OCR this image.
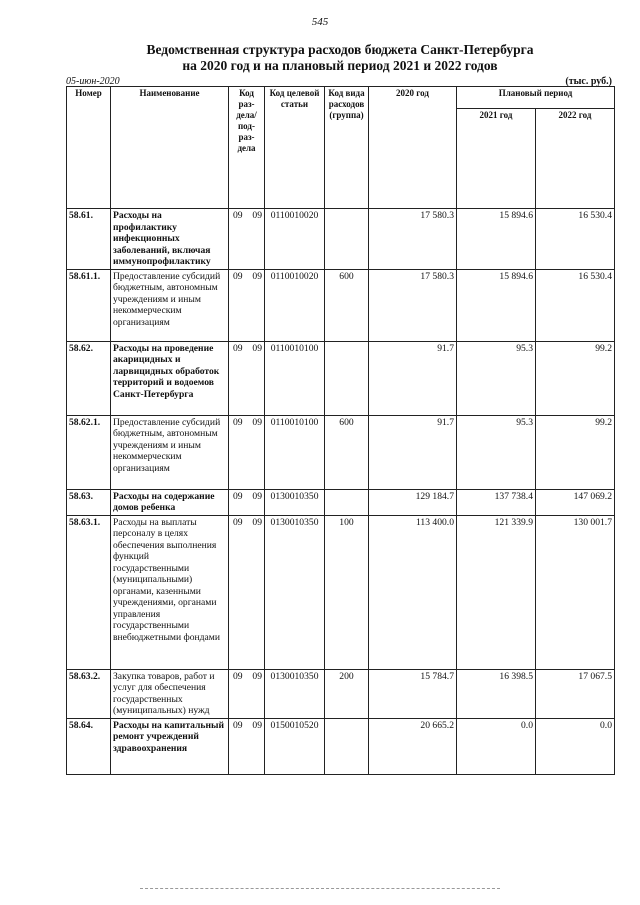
545
Ведомственная структура расходов бюджета Санкт-Петербурга
на 2020 год и на плановый период 2021 и 2022 годов
05-июн-2020	(тыс. руб.)
Номер	Наименование	Код раз-дела/ под-раз-дела		Код целевой статьи	Код вида расходов (группа)	2020 год	Плановый период	
							2021 год	2022 год
58.61.	Расходы на профилактику инфекционных заболеваний, включая иммунопрофилактику	09	09	0110010020		17 580.3	15 894.6	16 530.4
58.61.1.	Предоставление субсидий бюджетным, автономным учреждениям и иным некоммерческим организациям	09	09	0110010020	600	17 580.3	15 894.6	16 530.4
58.62.	Расходы на проведение акарицидных и ларвицидных обработок территорий и водоемов Санкт-Петербурга	09	09	0110010100		91.7	95.3	99.2
58.62.1.	Предоставление субсидий бюджетным, автономным учреждениям и иным некоммерческим организациям	09	09	0110010100	600	91.7	95.3	99.2
58.63.	Расходы на содержание домов ребенка	09	09	0130010350		129 184.7	137 738.4	147 069.2
58.63.1.	Расходы на выплаты персоналу в целях обеспечения выполнения функций государственными (муниципальными) органами, казенными учреждениями, органами управления государственными внебюджетными фондами	09	09	0130010350	100	113 400.0	121 339.9	130 001.7
58.63.2.	Закупка товаров, работ и услуг для обеспечения государственных (муниципальных) нужд	09	09	0130010350	200	15 784.7	16 398.5	17 067.5
58.64.	Расходы на капитальный ремонт учреждений здравоохранения	09	09	0150010520		20 665.2	0.0	0.0
